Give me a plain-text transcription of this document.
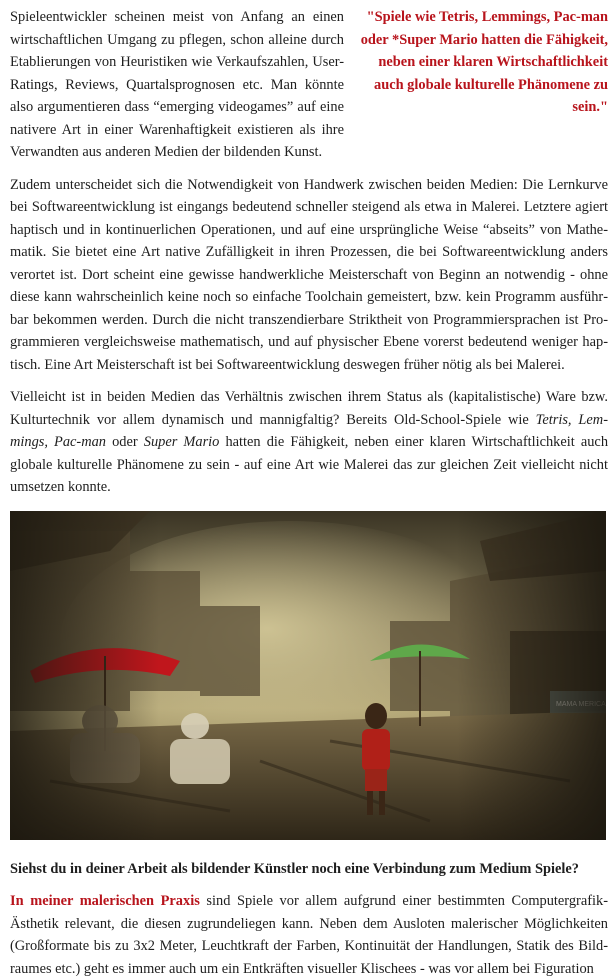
"Spiele wie Tetris, Lemmings, Pac-man oder *Super Mario hatten die Fähigkeit, neben einer klaren Wirtschaftlichkeit auch globale kulturelle Phänomene zu sein."

Spieleentwickler scheinen meist von Anfang an einen wirtschaftlichen Umgang zu pflegen, schon alleine durch Etablierungen von Heuristiken wie Verkaufszahlen, User-Ratings, Reviews, Quartalsprognosen etc. Man könnte also argumentieren dass “emerging videogames” auf eine nativere Art in einer Warenhaftigkeit existieren als ihre Verwandten aus anderen Medien der bildenden Kunst.

Zudem unterscheidet sich die Notwendigkeit von Handwerk zwischen beiden Medien: Die Lernkurve bei Softwareentwicklung ist eingangs bedeutend schneller steigend als etwa in Malerei. Letztere agiert haptisch und in kontinuerlichen Operationen, und auf eine ursprüngliche Weise “abseits” von Mathematik. Sie bietet eine Art native Zufälligkeit in ihren Prozessen, die bei Softwareentwicklung anders verortet ist. Dort scheint eine gewisse handwerkliche Meisterschaft von Beginn an notwendig - ohne diese kann wahrscheinlich keine noch so einfache Toolchain gemeistert, bzw. kein Programm ausführbar bekommen werden. Durch die nicht transzendierbare Striktheit von Programmiersprachen ist Programmieren vergleichsweise mathematisch, und auf physischer Ebene vorerst bedeutend weniger haptisch. Eine Art Meisterschaft ist bei Softwareentwicklung deswegen früher nötig als bei Malerei.

Vielleicht ist in beiden Medien das Verhältnis zwischen ihrem Status als (kapitalistische) Ware bzw. Kulturtechnik vor allem dynamisch und mannigfaltig? Bereits Old-School-Spiele wie Tetris, Lemmings, Pac-man oder Super Mario hatten die Fähigkeit, neben einer klaren Wirtschaftlichkeit auch globale kulturelle Phänomene zu sein - auf eine Art wie Malerei das zur gleichen Zeit vielleicht nicht umsetzen konnte.

Siehst du in deiner Arbeit als bildender Künstler noch eine Verbindung zum Medium Spiele?

In meiner malerischen Praxis sind Spiele vor allem aufgrund einer bestimmten Computergrafik-Ästhetik relevant, die diesen zugrundeliegen kann. Neben dem Ausloten malerischer Möglichkeiten (Großformate bis zu 3x2 Meter, Leuchtkraft der Farben, Kontinuität der Handlungen, Statik des Bildraumes etc.) geht es immer auch um ein Entkräften visueller Klischees - was vor allem bei Figuration
